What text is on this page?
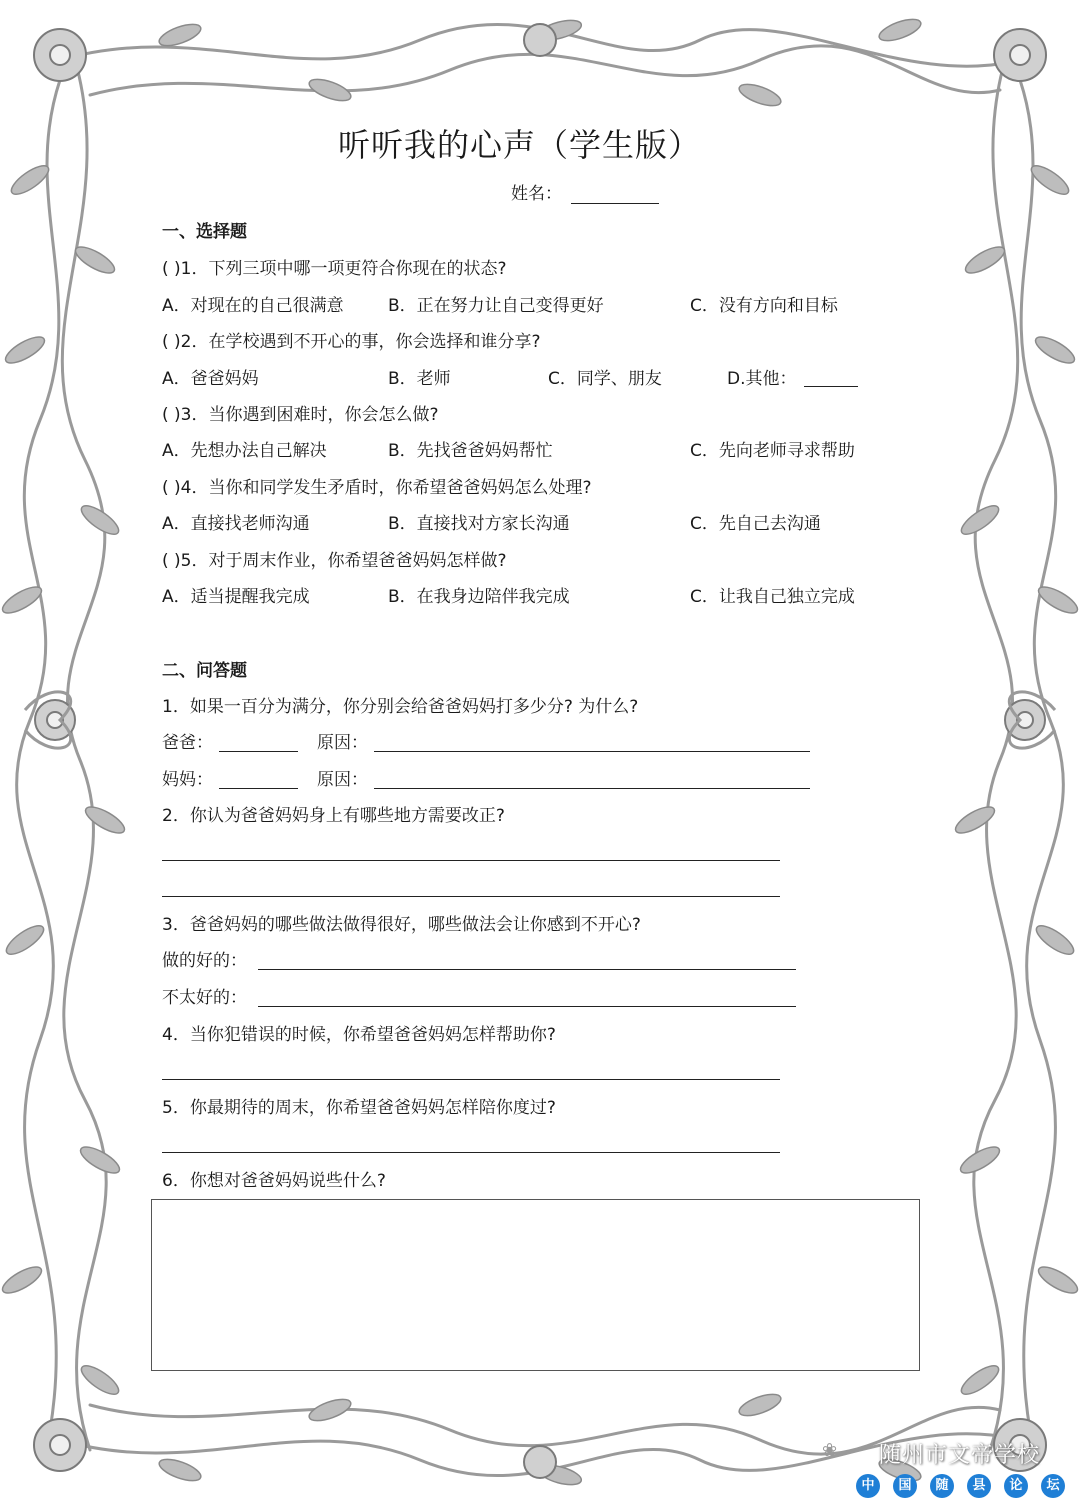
听听我的心声（学生版）
姓名：
一、选择题
( )1．下列三项中哪一项更符合你现在的状态?
A．对现在的自己很满意	B．正在努力让自己变得更好	C．没有方向和目标
( )2．在学校遇到不开心的事，你会选择和谁分享?
A．爸爸妈妈	B．老师	C．同学、朋友	D.其他：
( )3．当你遇到困难时，你会怎么做?
A．先想办法自己解决	B．先找爸爸妈妈帮忙	C．先向老师寻求帮助
( )4．当你和同学发生矛盾时，你希望爸爸妈妈怎么处理?
A．直接找老师沟通	B．直接找对方家长沟通	C．先自己去沟通
( )5．对于周末作业，你希望爸爸妈妈怎样做?
A．适当提醒我完成	B．在我身边陪伴我完成	C．让我自己独立完成
二、问答题
1．如果一百分为满分，你分别会给爸爸妈妈打多少分? 为什么?
爸爸：	原因：
妈妈：	原因：
2．你认为爸爸妈妈身上有哪些地方需要改正?
3．爸爸妈妈的哪些做法做得很好，哪些做法会让你感到不开心?
做的好的：
不太好的：
4．当你犯错误的时候，你希望爸爸妈妈怎样帮助你?
5．你最期待的周末，你希望爸爸妈妈怎样陪你度过?
6．你想对爸爸妈妈说些什么?
❀ 随州市文帝学校
中	国	随	县	论	坛
